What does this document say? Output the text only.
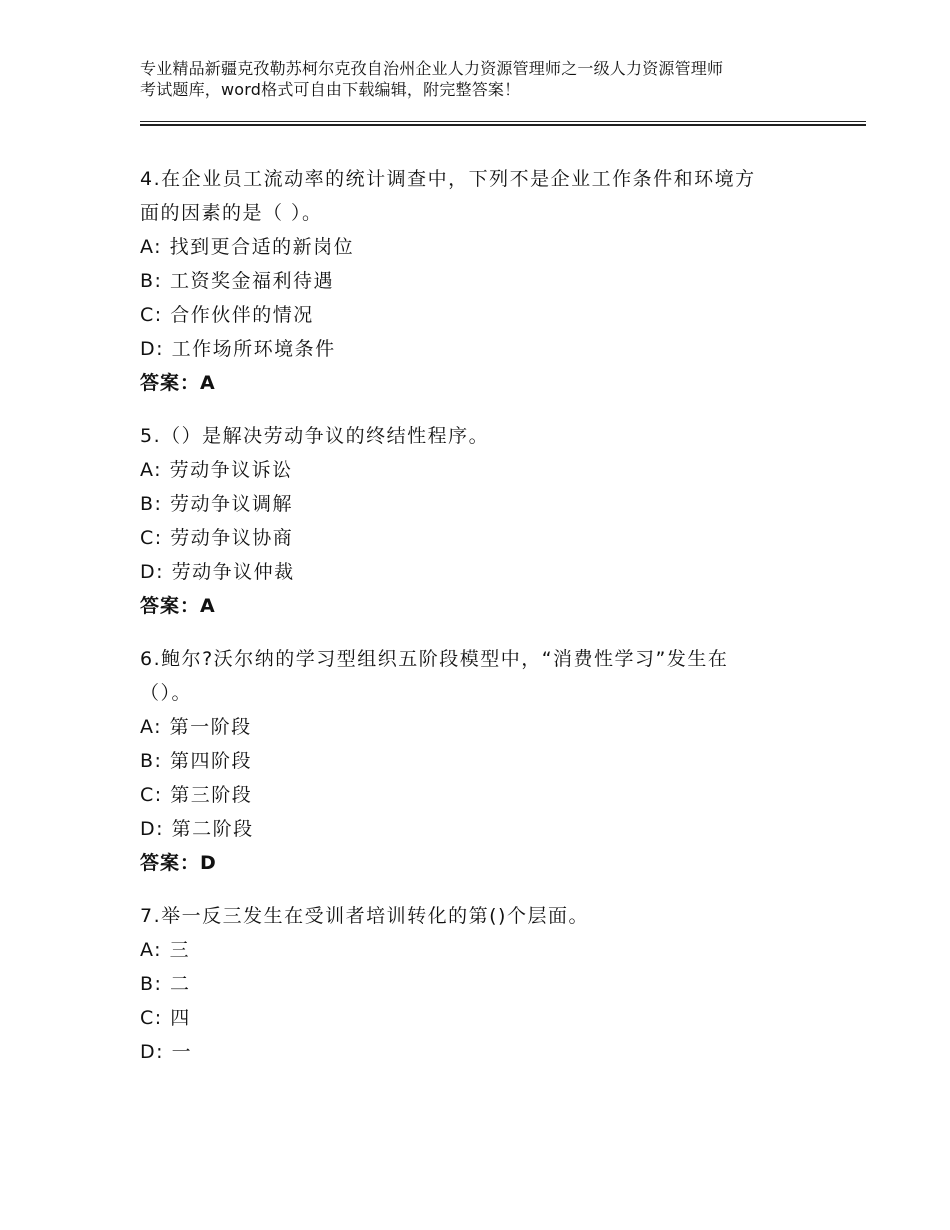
专业精品新疆克孜勒苏柯尔克孜自治州企业人力资源管理师之一级人力资源管理师
考试题库，word格式可自由下载编辑，附完整答案！
4.在企业员工流动率的统计调查中，下列不是企业工作条件和环境方
面的因素的是（ ）。
A: 找到更合适的新岗位
B: 工资奖金福利待遇
C: 合作伙伴的情况
D: 工作场所环境条件
答案：A
5.（）是解决劳动争议的终结性程序。
A: 劳动争议诉讼
B: 劳动争议调解
C: 劳动争议协商
D: 劳动争议仲裁
答案：A
6.鲍尔?沃尔纳的学习型组织五阶段模型中，“消费性学习”发生在
（）。
A: 第一阶段
B: 第四阶段
C: 第三阶段
D: 第二阶段
答案：D
7.举一反三发生在受训者培训转化的第()个层面。
A: 三
B: 二
C: 四
D: 一
